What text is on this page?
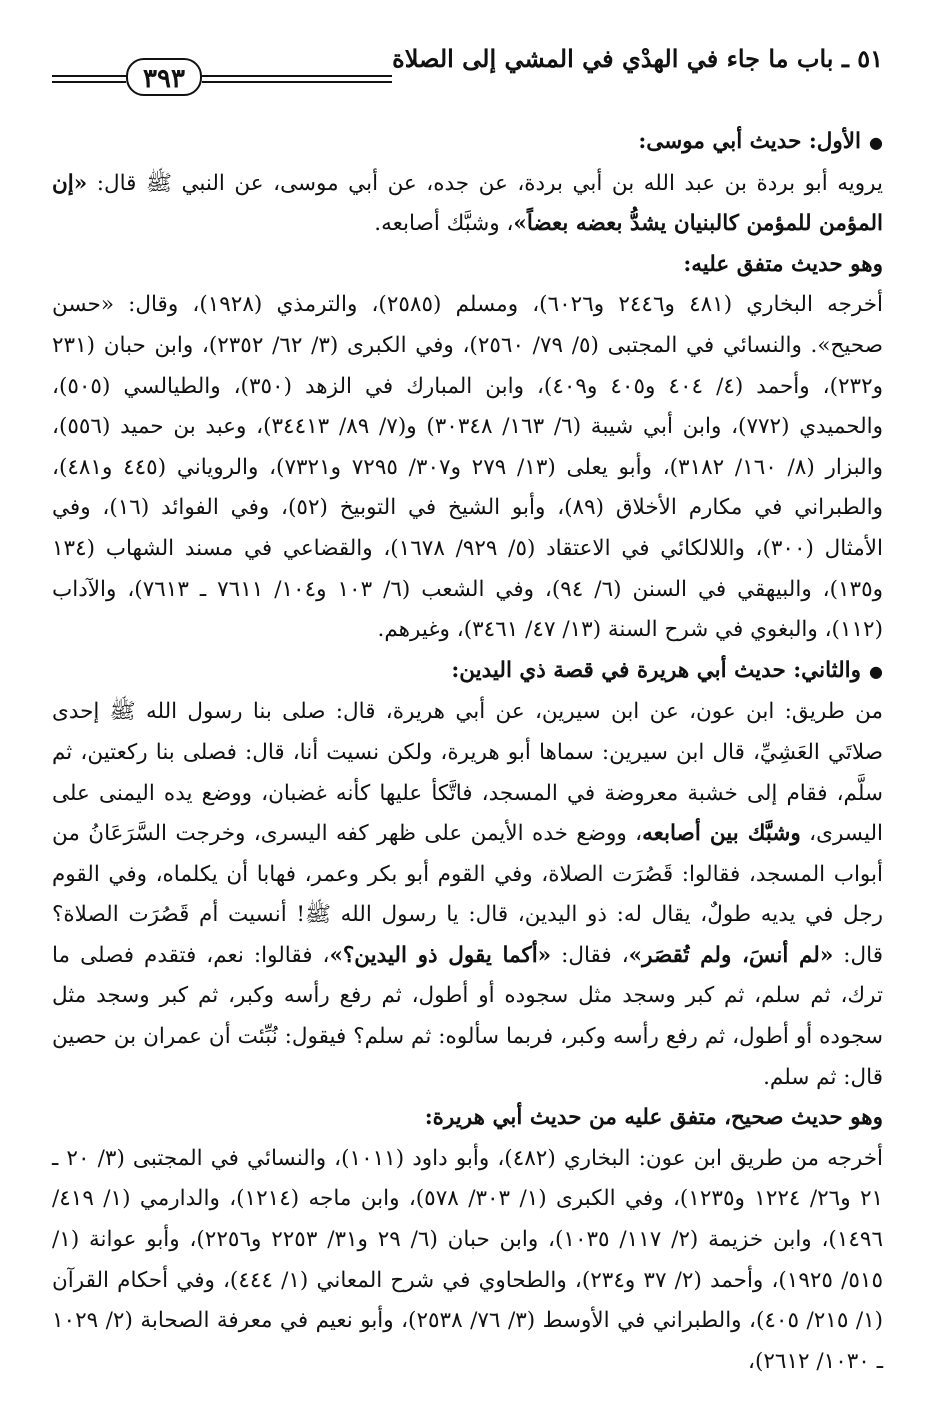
٥١ ـ باب ما جاء في الهدْي في المشي إلى الصلاة
٣٩٣

●الأول: حديث أبي موسى:

يرويه أبو بردة بن عبد الله بن أبي بردة، عن جده، عن أبي موسى، عن النبي ﷺ قال: «إن المؤمن للمؤمن كالبنيان يشدُّ بعضه بعضاً»، وشبَّك أصابعه.

وهو حديث متفق عليه:

أخرجه البخاري (٤٨١ و٢٤٤٦ و٦٠٢٦)، ومسلم (٢٥٨٥)، والترمذي (١٩٢٨)، وقال: «حسن صحيح». والنسائي في المجتبى (٥/ ٧٩/ ٢٥٦٠)، وفي الكبرى (٣/ ٦٢/ ٢٣٥٢)، وابن حبان (٢٣١ و٢٣٢)، وأحمد (٤/ ٤٠٤ و٤٠٥ و٤٠٩)، وابن المبارك في الزهد (٣٥٠)، والطيالسي (٥٠٥)، والحميدي (٧٧٢)، وابن أبي شيبة (٦/ ١٦٣/ ٣٠٣٤٨) و(٧/ ٨٩/ ٣٤٤١٣)، وعبد بن حميد (٥٥٦)، والبزار (٨/ ١٦٠/ ٣١٨٢)، وأبو يعلى (١٣/ ٢٧٩ و٣٠٧/ ٧٢٩٥ و٧٣٢١)، والروياني (٤٤٥ و٤٨١)، والطبراني في مكارم الأخلاق (٨٩)، وأبو الشيخ في التوبيخ (٥٢)، وفي الفوائد (١٦)، وفي الأمثال (٣٠٠)، واللالكائي في الاعتقاد (٥/ ٩٢٩/ ١٦٧٨)، والقضاعي في مسند الشهاب (١٣٤ و١٣٥)، والبيهقي في السنن (٦/ ٩٤)، وفي الشعب (٦/ ١٠٣ و١٠٤/ ٧٦١١ ـ ٧٦١٣)، والآداب (١١٢)، والبغوي في شرح السنة (١٣/ ٤٧/ ٣٤٦١)، وغيرهم.

●والثاني: حديث أبي هريرة في قصة ذي اليدين:

من طريق: ابن عون، عن ابن سيرين، عن أبي هريرة، قال: صلى بنا رسول الله ﷺ إحدى صلاتَي العَشِيِّ، قال ابن سيرين: سماها أبو هريرة، ولكن نسيت أنا، قال: فصلى بنا ركعتين، ثم سلَّم، فقام إلى خشبة معروضة في المسجد، فاتَّكأ عليها كأنه غضبان، ووضع يده اليمنى على اليسرى، وشبَّك بين أصابعه، ووضع خده الأيمن على ظهر كفه اليسرى، وخرجت السَّرَعَانُ من أبواب المسجد، فقالوا: قَصُرَت الصلاة، وفي القوم أبو بكر وعمر، فهابا أن يكلماه، وفي القوم رجل في يديه طولٌ، يقال له: ذو اليدين، قال: يا رسول الله ﷺ! أنسيت أم قَصُرَت الصلاة؟ قال: «لم أنسَ، ولم تُقصَر»، فقال: «أكما يقول ذو اليدين؟»، فقالوا: نعم، فتقدم فصلى ما ترك، ثم سلم، ثم كبر وسجد مثل سجوده أو أطول، ثم رفع رأسه وكبر، ثم كبر وسجد مثل سجوده أو أطول، ثم رفع رأسه وكبر، فربما سألوه: ثم سلم؟ فيقول: نُبِّئت أن عمران بن حصين قال: ثم سلم.

وهو حديث صحيح، متفق عليه من حديث أبي هريرة:

أخرجه من طريق ابن عون: البخاري (٤٨٢)، وأبو داود (١٠١١)، والنسائي في المجتبى (٣/ ٢٠ ـ ٢١ و٢٦/ ١٢٢٤ و١٢٣٥)، وفي الكبرى (١/ ٣٠٣/ ٥٧٨)، وابن ماجه (١٢١٤)، والدارمي (١/ ٤١٩/ ١٤٩٦)، وابن خزيمة (٢/ ١١٧/ ١٠٣٥)، وابن حبان (٦/ ٢٩ و٣١/ ٢٢٥٣ و٢٢٥٦)، وأبو عوانة (١/ ٥١٥/ ١٩٢٥)، وأحمد (٢/ ٣٧ و٢٣٤)، والطحاوي في شرح المعاني (١/ ٤٤٤)، وفي أحكام القرآن (١/ ٢١٥/ ٤٠٥)، والطبراني في الأوسط (٣/ ٧٦/ ٢٥٣٨)، وأبو نعيم في معرفة الصحابة (٢/ ١٠٢٩ ـ ١٠٣٠/ ٢٦١٢)،
